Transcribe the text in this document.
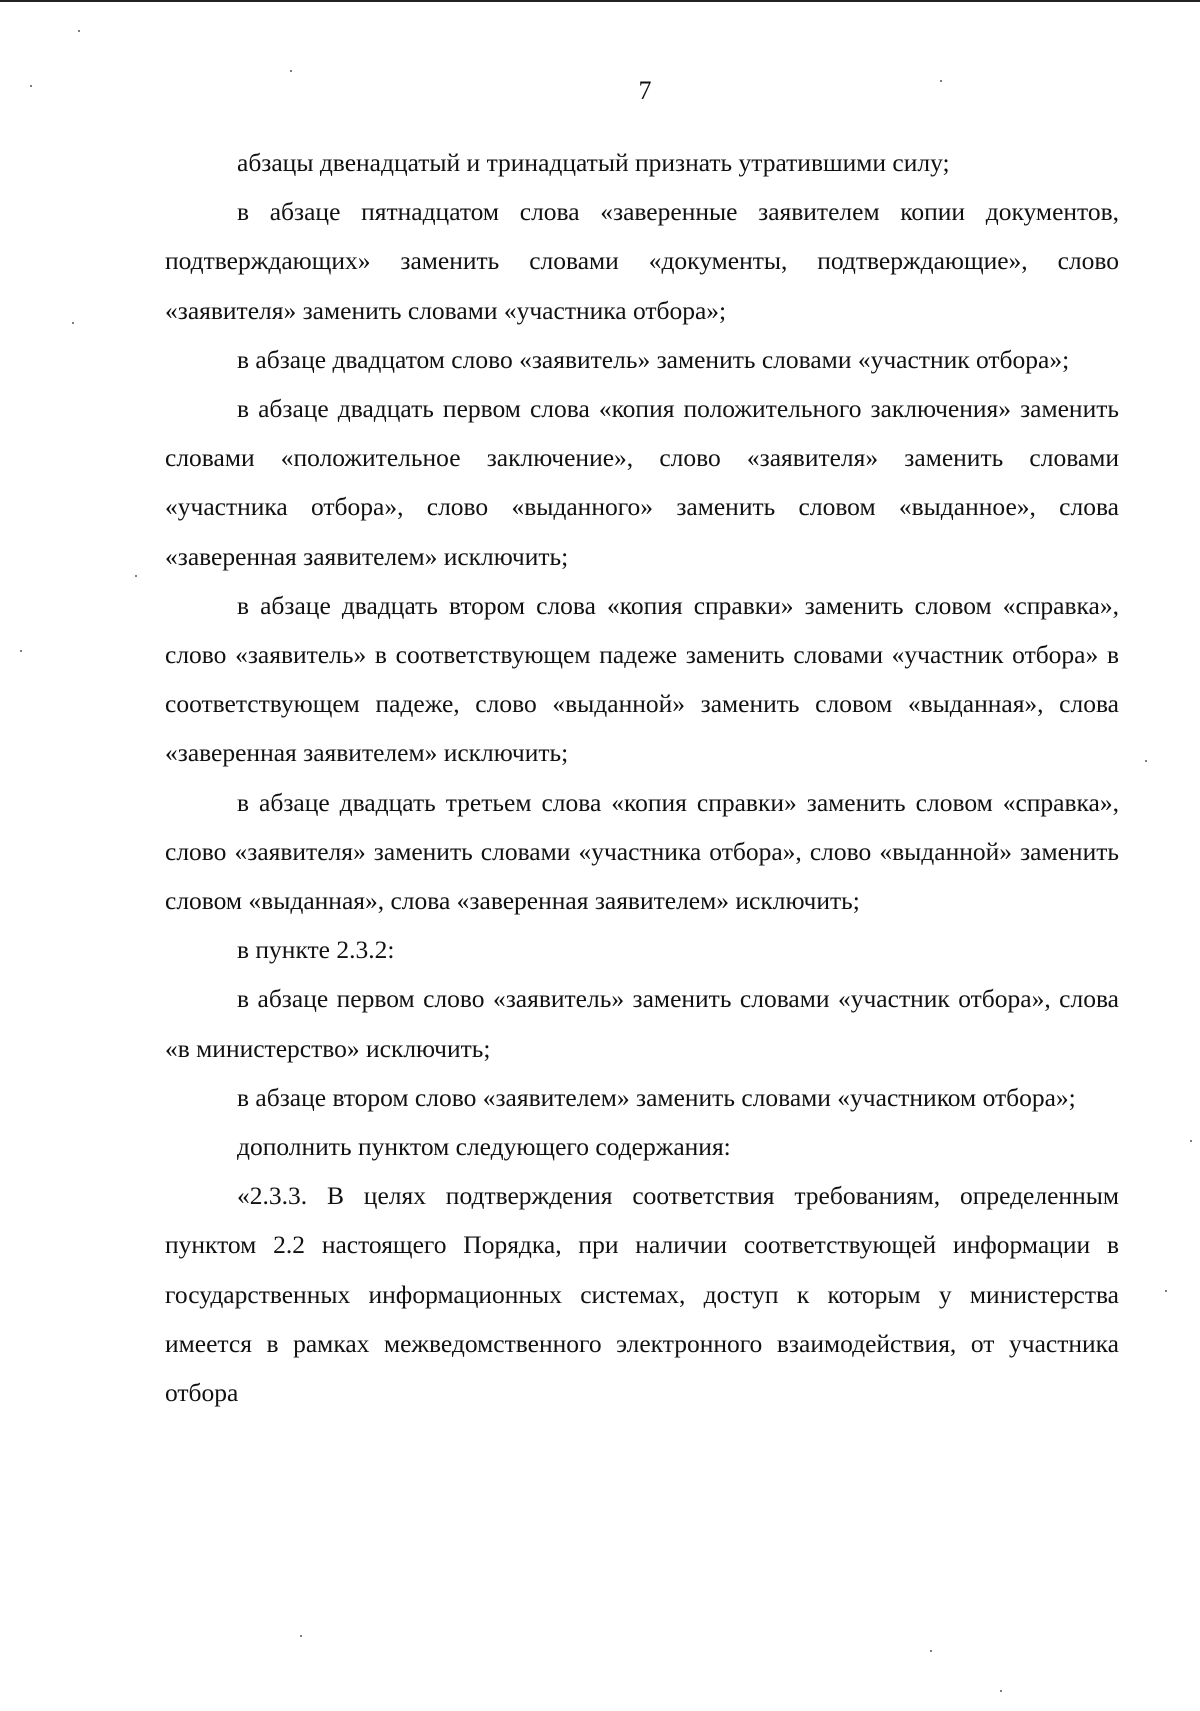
7

абзацы двенадцатый и тринадцатый признать утратившими силу;

в абзаце пятнадцатом слова «заверенные заявителем копии документов, подтверждающих» заменить словами «документы, подтверждающие», слово «заявителя» заменить словами «участника отбора»;

в абзаце двадцатом слово «заявитель» заменить словами «участник отбора»;

в абзаце двадцать первом слова «копия положительного заключения» заменить словами «положительное заключение», слово «заявителя» заменить словами «участника отбора», слово «выданного» заменить словом «выданное», слова «заверенная заявителем» исключить;

в абзаце двадцать втором слова «копия справки» заменить словом «справка», слово «заявитель» в соответствующем падеже заменить словами «участник отбора» в соответствующем падеже, слово «выданной» заменить словом «выданная», слова «заверенная заявителем» исключить;

в абзаце двадцать третьем слова «копия справки» заменить словом «справка», слово «заявителя» заменить словами «участника отбора», слово «выданной» заменить словом «выданная», слова «заверенная заявителем» исключить;

в пункте 2.3.2:

в абзаце первом слово «заявитель» заменить словами «участник отбора», слова «в министерство» исключить;

в абзаце втором слово «заявителем» заменить словами «участником отбора»;

дополнить пунктом следующего содержания:

«2.3.3. В целях подтверждения соответствия требованиям, определенным пунктом 2.2 настоящего Порядка, при наличии соответствующей информации в государственных информационных системах, доступ к которым у министерства имеется в рамках межведомственного электронного взаимодействия, от участника отбора
